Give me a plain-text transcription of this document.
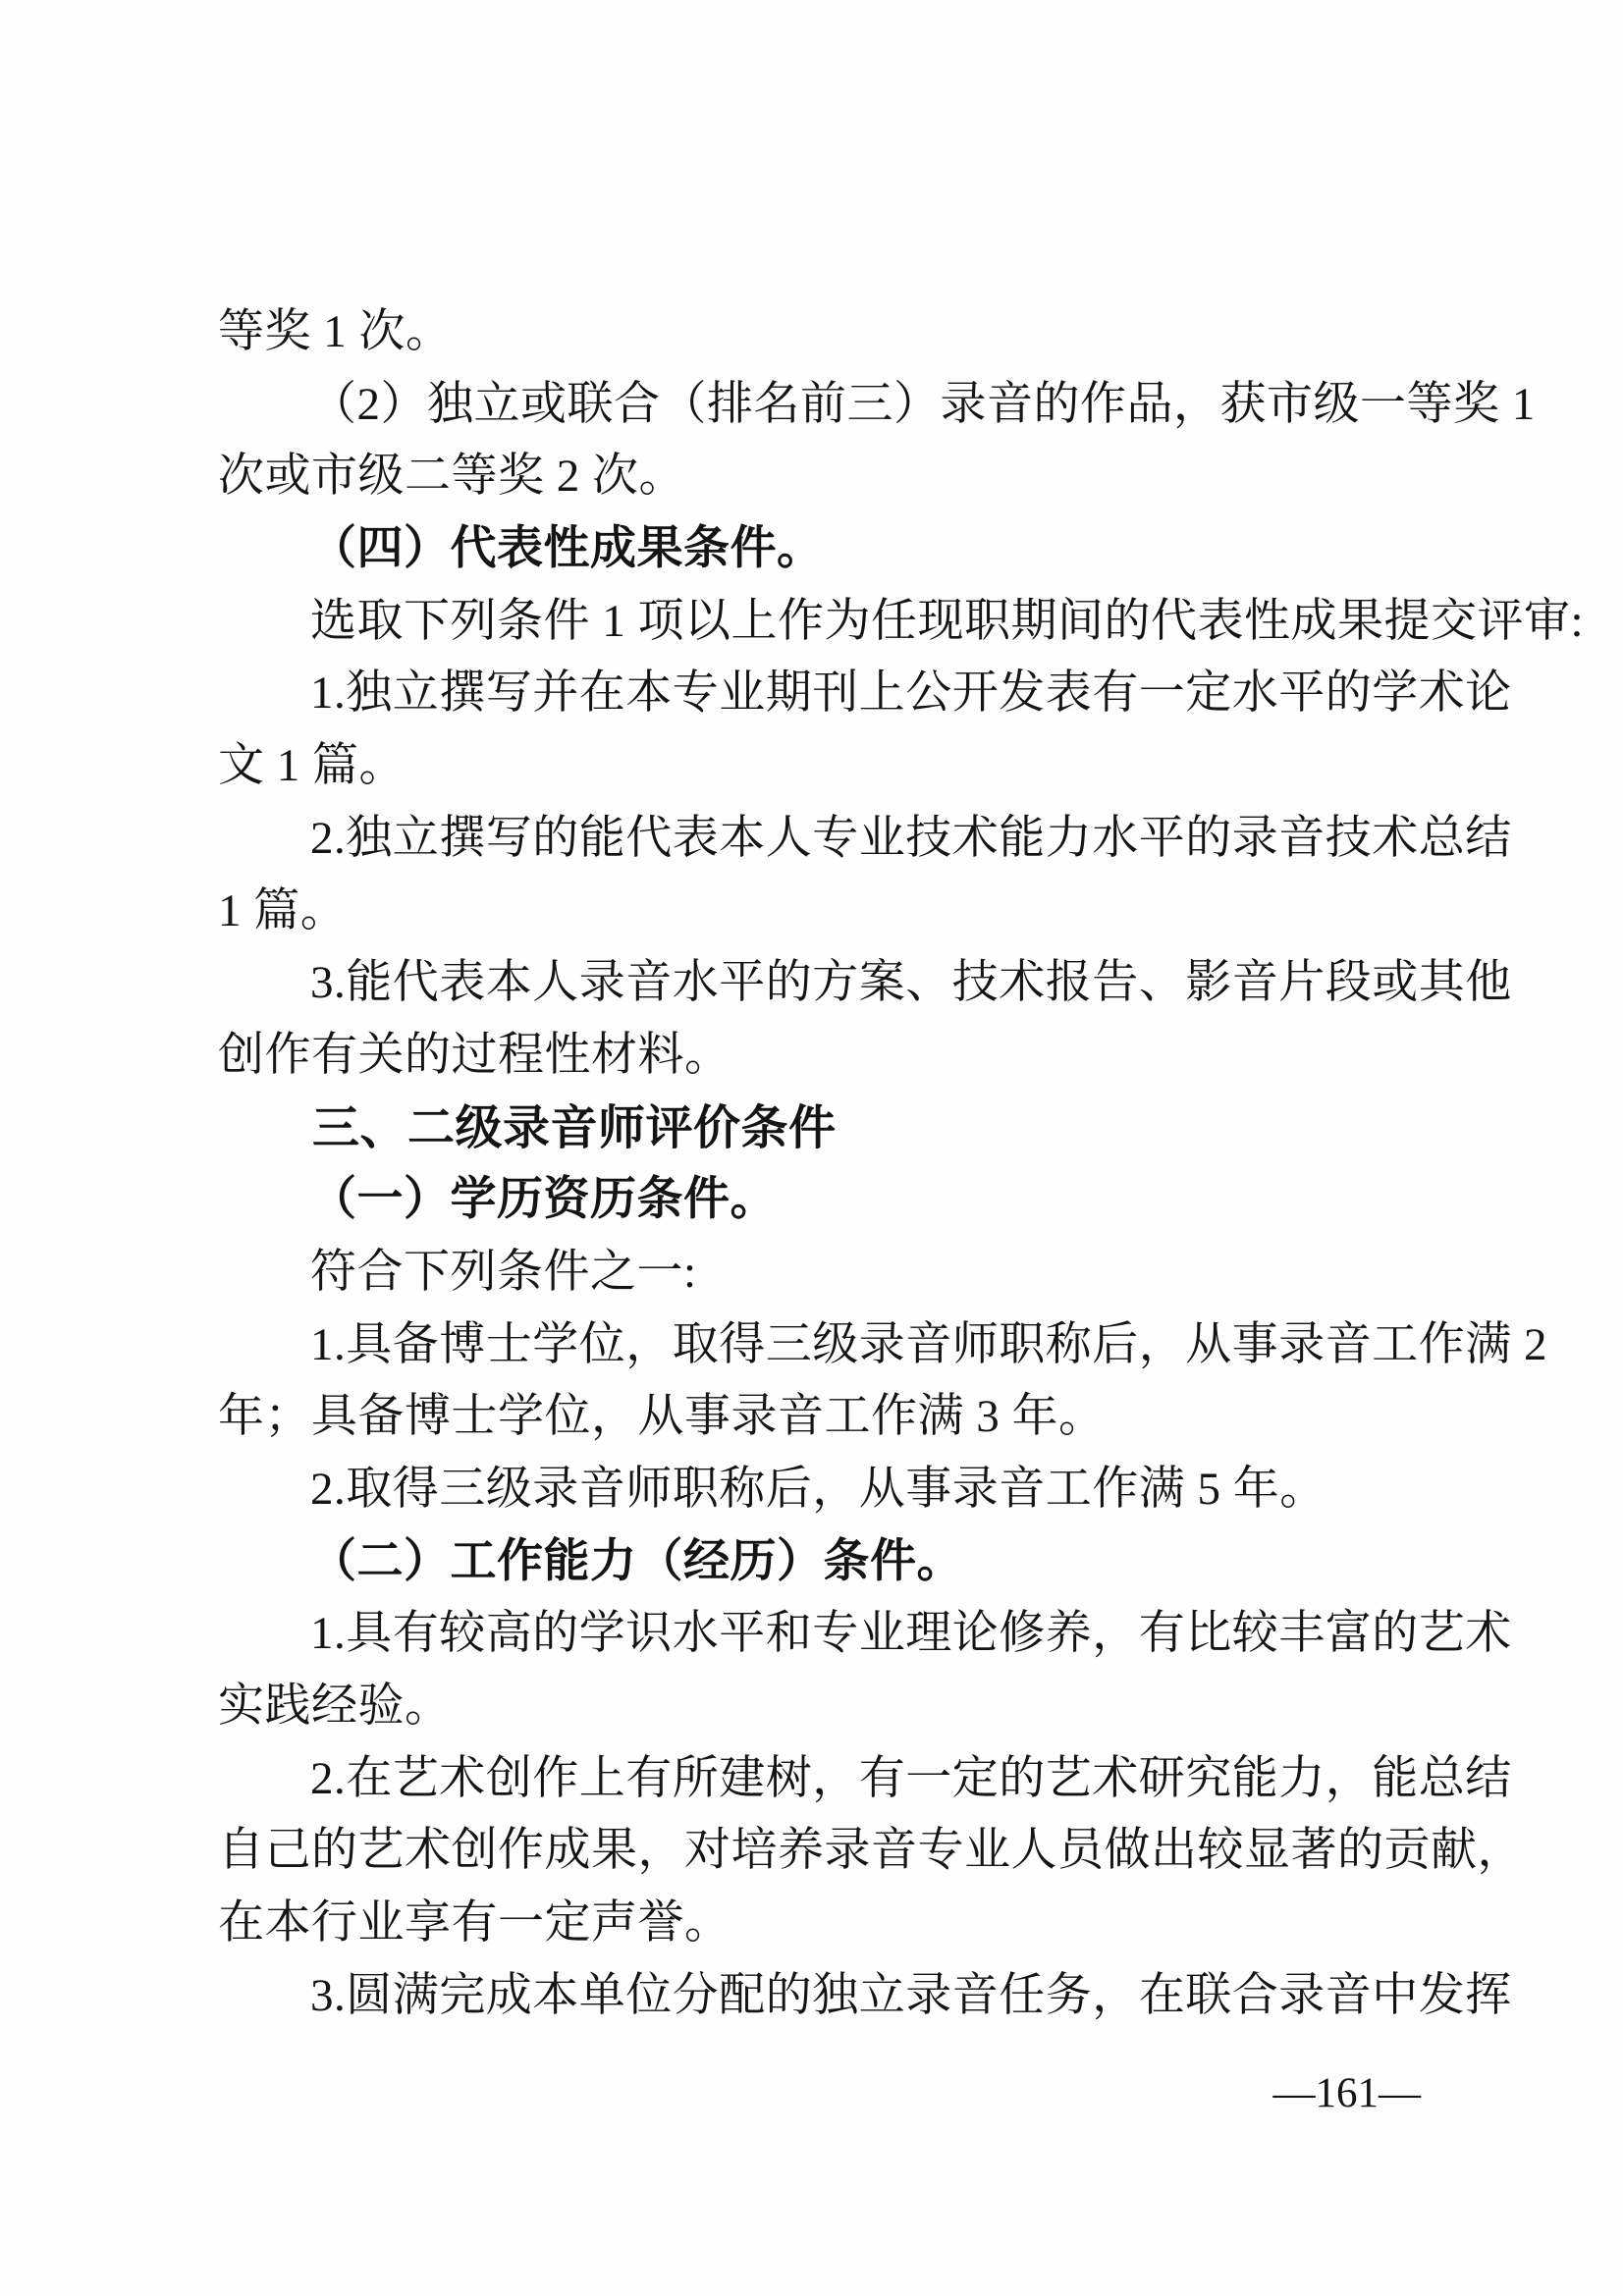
等奖 1 次。
（2）独立或联合（排名前三）录音的作品，获市级一等奖 1
次或市级二等奖 2 次。
（四）代表性成果条件。
选取下列条件 1 项以上作为任现职期间的代表性成果提交评审:
1.独立撰写并在本专业期刊上公开发表有一定水平的学术论
文 1 篇。
2.独立撰写的能代表本人专业技术能力水平的录音技术总结
1 篇。
3.能代表本人录音水平的方案、技术报告、影音片段或其他
创作有关的过程性材料。
三、二级录音师评价条件
（一）学历资历条件。
符合下列条件之一:
1.具备博士学位，取得三级录音师职称后，从事录音工作满 2
年；具备博士学位，从事录音工作满 3 年。
2.取得三级录音师职称后，从事录音工作满 5 年。
（二）工作能力（经历）条件。
1.具有较高的学识水平和专业理论修养，有比较丰富的艺术
实践经验。
2.在艺术创作上有所建树，有一定的艺术研究能力，能总结
自己的艺术创作成果，对培养录音专业人员做出较显著的贡献，
在本行业享有一定声誉。
3.圆满完成本单位分配的独立录音任务，在联合录音中发挥
—161—
